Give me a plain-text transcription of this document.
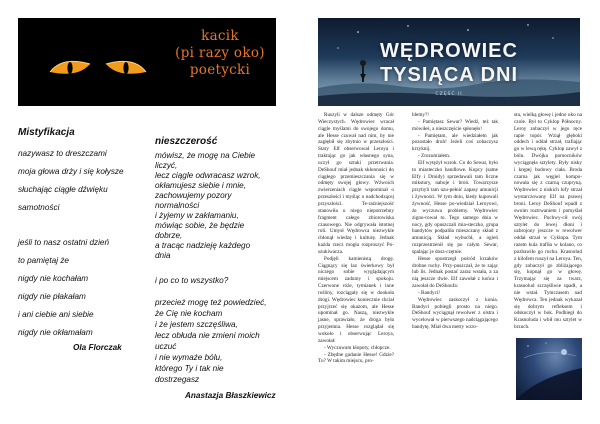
kacik
(pi razy oko)
poetycki
Mistyfikacja
nazywasz to dreszczami
moja głowa drży i się kołysze
słuchając ciągłe dźwięku
samotności
jeśli to nasz ostatni dzień
to pamiętaj że
nigdy nie kochałam
nigdy nie płakałam
i ani ciebie ani siebie
nigdy nie okłamałam
Ola Florczak
nieszczerość
mówisz, że mogę na Ciebie
liczyć,
lecz ciągle odwracasz wzrok,
okłamujesz siebie i mnie,
zachowujemy pozory
normalności
i żyjemy w zakłamaniu,
mówiąc sobie, że będzie
dobrze,
a tracąc nadzieję każdego
dnia
i po co to wszystko?
przecież mogę też powiedzieć,
że Cię nie kocham
i że jestem szczęśliwa,
lecz obłuda nie zmieni moich
uczuć
i nie wymaże bólu,
którego Ty i tak nie
dostrzegasz
Anastazja Błaszkiewicz
WĘDROWIEC
TYSIĄCA DNI
CZĘŚĆ II

Ruszyli w dalsze odmęty Gór Wieczystych. Wędrowiec wracał ciągle myślami do swojego domu, ale Hesse czuwał nad nim, by nie zagłębił się zbytnio w przeszłości. Stary Elf obserwował Leroya i traktując go jak własnego syna, uczył go sztuki przetrwania. DeShouf miał jednak skłonności do ciągłego przemieszczania się w odmęty swojej głowy. Wźwoich zwierzeniach ciągle wspominał o przeszłości i myśląc o nadchodzącej przyszłości. Te-raźniejszość stanowiła u niego niepotrzebny fragment całego zbiorowiska czasowego. Nie odgrywała istotnej roli. Umysł Wędrowca niezwykle chłonął wiedzę i kulturę. Jednak każda rzecz mogła rozproszyć Po-szukiwacza.

Podjęli kamienistą drogę. Ciągnący się łaz świerkowy był niczego sobie wyglądającym miejscem zadumy i spokoju. Czerwone róże, tymianek i inne rośliny, rozciągały się w dookoła drogi. Wędrowiec koniecznie chciał przyjrzeć się okazom, ale Hesse upominał go. Naszą, niezwykle jasne, sprawiało, że droga była przyjemna. Hesse rozglądał się wokoło i obserwując Leroya, zawołał:

- Wyczuwam kłopoty, chłopcze.

- Zbędne gadanie Hesse! Gdzie? Tu? W takim miejscu, pro-

blemy?!

- Pamiętasz Sewar? Wiedź, też tak mówiłeś, a nieszczęście spłonęło!

- Pamiętam, ale wiedziałem jak pozostało druh! Jeżeli coś zobaczysz krzyknij.

- Zrozumiałem.

Elf wytężył wzrok. Co do Sewar, było to miasteczko handlowe. Kupcy (same Elfy i Druidy) sprzedawali tam liczne mikstury, naboje i broń. Towarzysze przybyli tam uzu-pełnić zapasy amunicji i żywności. W tym dniu, kiedy kupowali żywność, Hesse po-wiedział Leroyowi, że wyczuwa problemy. Wędrowiec zigno-rował to. Tego samego dnia w nocy, gdy opuszczali mia-steczko, grupa bandytów podpaliła mieszczany skład z amunicją. Skład wybuchł, a ogień rozprzestrzenił się po całym Sewar, spalając je dosz-czętnie.

Hesse spostrzegł pośród krzaków drobne ruchy. Przy-puszczał, że to zając lub lis. Jednak postać zaraz wstała, a za nią jeszcze dwie. Elf zawołał z końca i zawołał do DeShoufa:

- Bandyci!

Wędrowiec zaskoczył z konia. Bandyci pobiegli prosto na niego. DeShouf wyciągnął rewolwer z olstra i wycelował w pierwszego nadciągającego bandytę. Miał dwa metry wzro-

stu, wielką głowę i jedno oko na czole. Był to Cyklop Północny. Leroy zobaczył w jego ręce rapie topór. Wziął głęboki oddech i oddał strzał, trafiając go w lewą rękę. Cyklop zawył z bólu. Dwójka pomocników wyciągnęła sztylety. Były nisky i krępej budowy ciała. Broda czarna jak węgiel kompo-nowała się z czarną czupryną. Wędrowiec z niskich lufy strzał wystarczowany Elf na prawej broni. Leroy DeShouf wpadł z swoim roztrwaniem i pomyślał Wędrowiec. Pochwy-cił swój sztylet do lewej dłoni i uzbrojony jeszcze w rewolwer oddał strzał w Cyklopa. Tym razem kula trafiła w kolano, co pozbawiło go ruchu. Krasnolud z kilofem ruszył na Leroya. Ten, gdy zobaczył go zbliżającego się, kopnął go w głowę. Trzymając się za twarz, krasnolud szczęśliwie upadł, a nie wstał. Tymczasem nad Wędrowca. Ten jednak wykazał się dobrym refleksem i odskoczył w bok. Podbiegł do Krasnoluda i wbił mu sztylet w brzuch.
